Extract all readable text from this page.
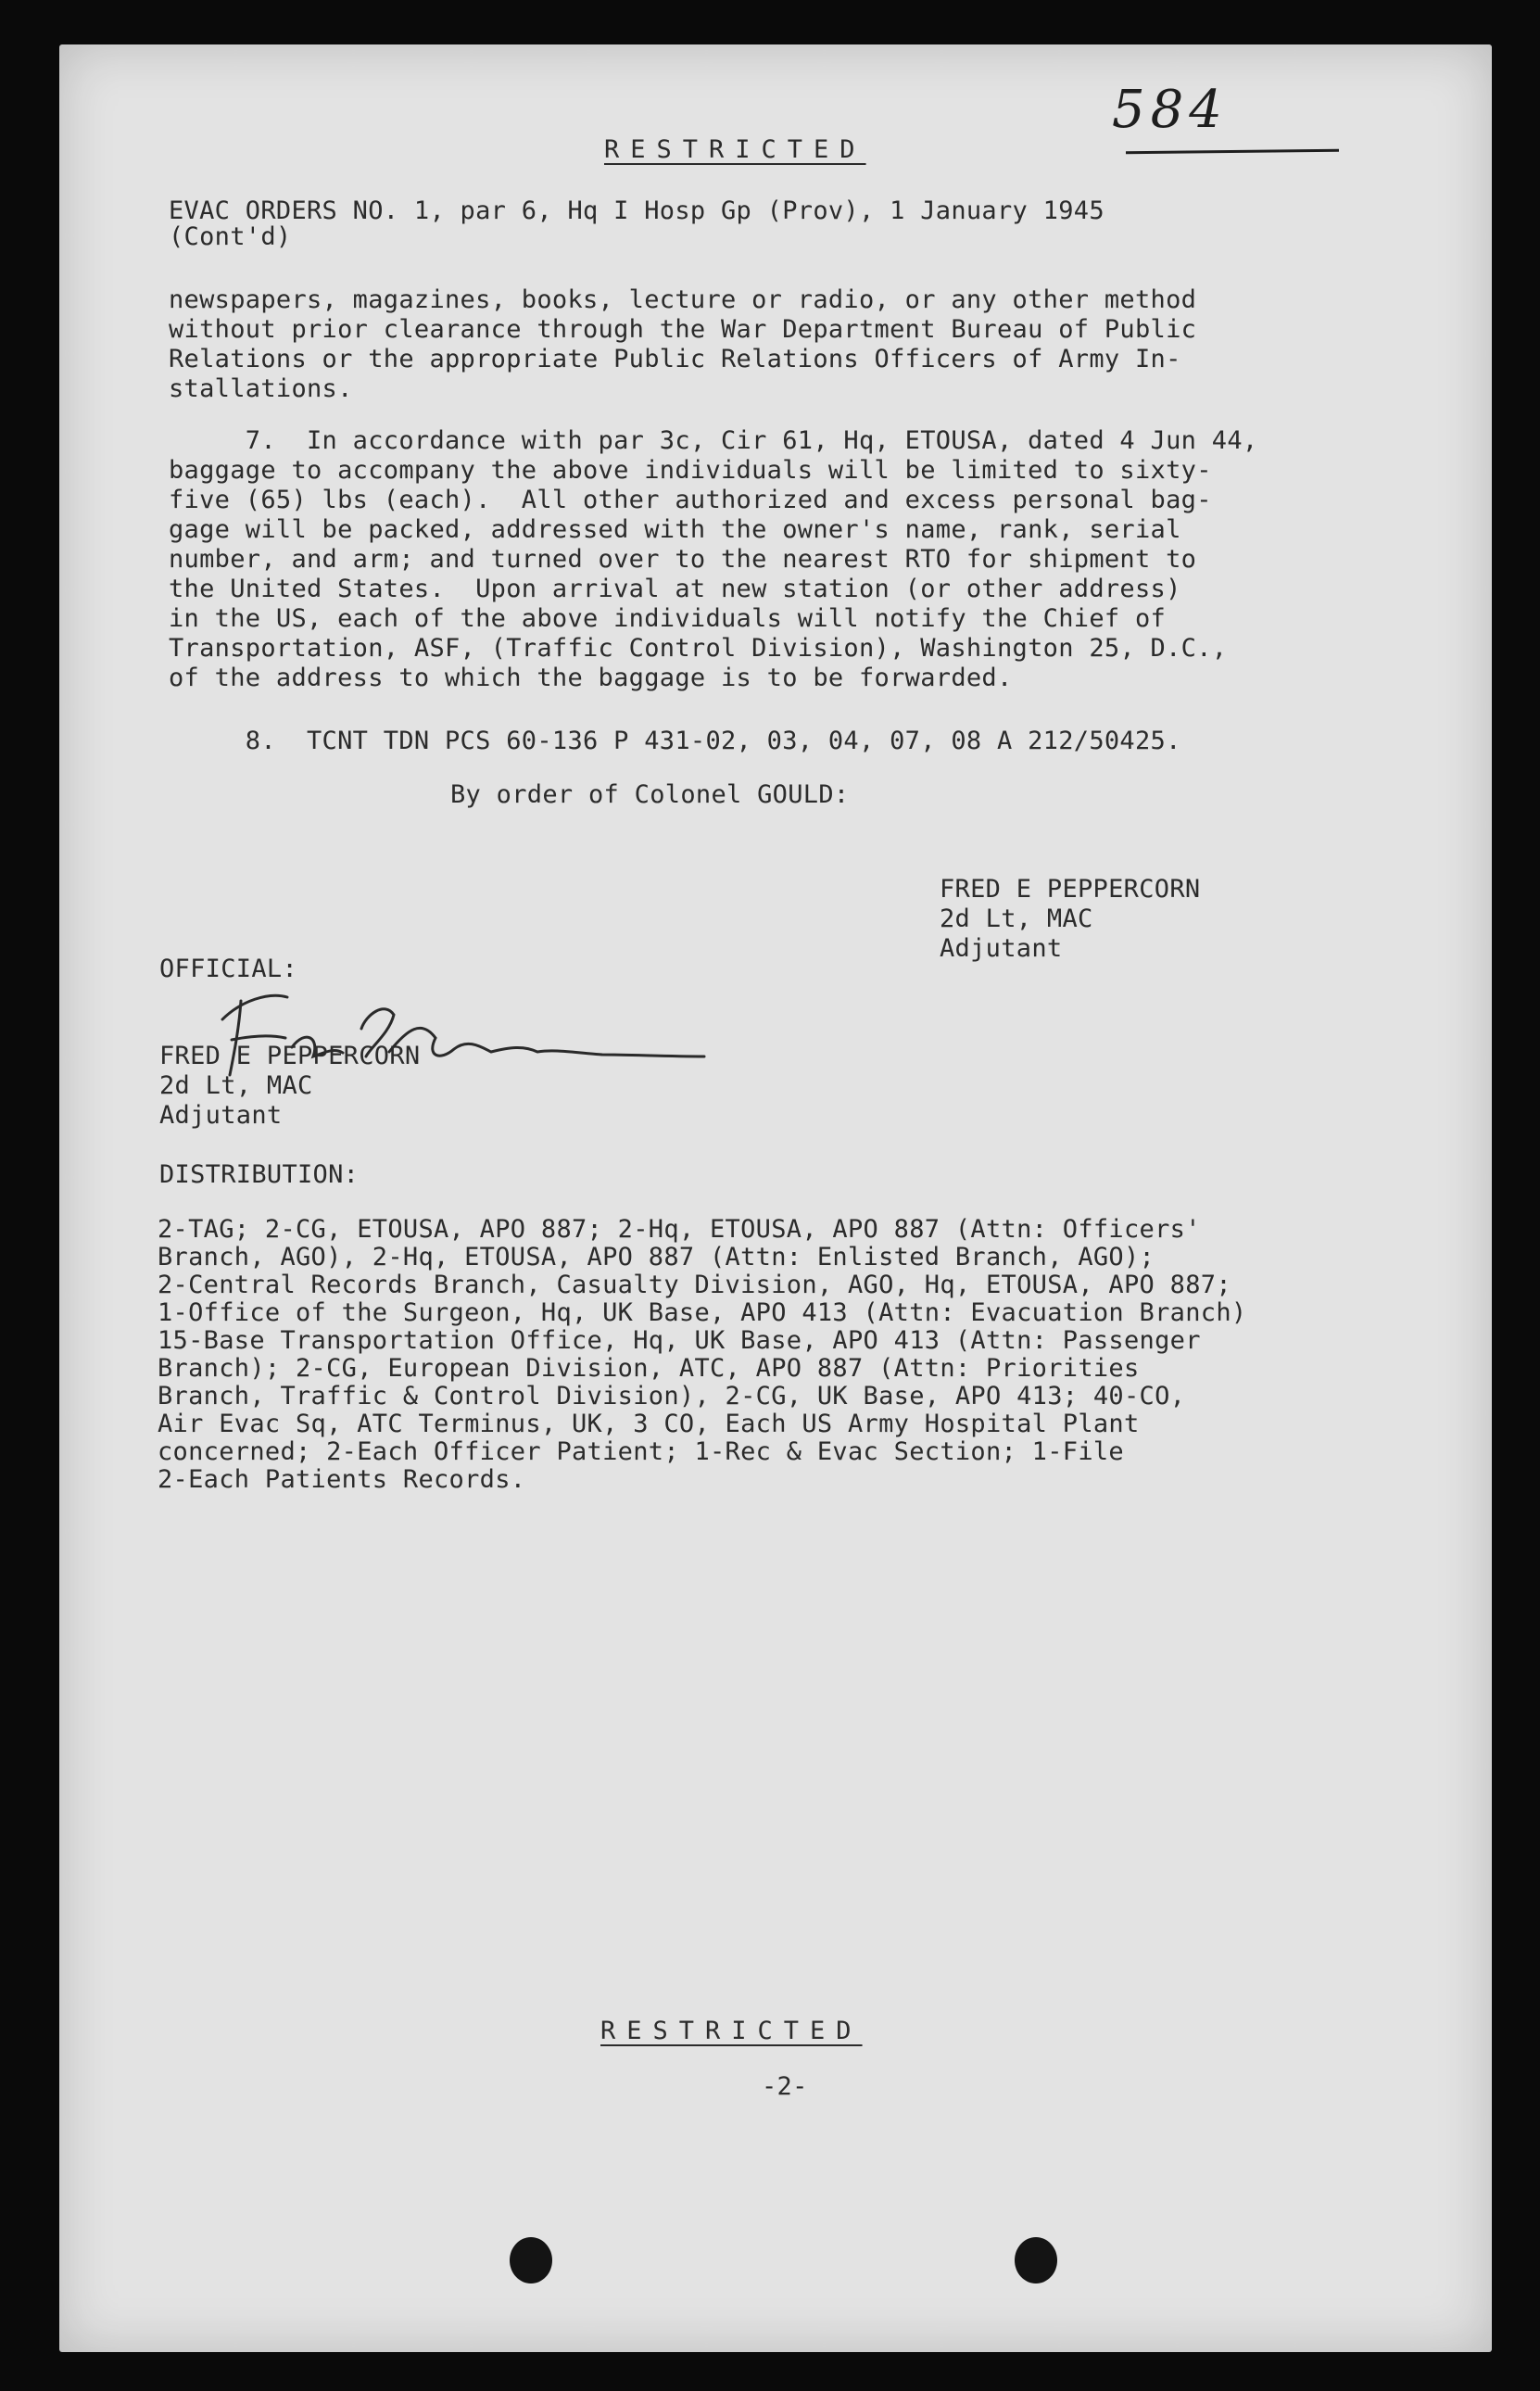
584
RESTRICTED
EVAC ORDERS NO. 1, par 6, Hq I Hosp Gp (Prov), 1 January 1945
(Cont'd)
newspapers, magazines, books, lecture or radio, or any other method
without prior clearance through the War Department Bureau of Public
Relations or the appropriate Public Relations Officers of Army In-
stallations.
7.  In accordance with par 3c, Cir 61, Hq, ETOUSA, dated 4 Jun 44,
baggage to accompany the above individuals will be limited to sixty-
five (65) lbs (each).  All other authorized and excess personal bag-
gage will be packed, addressed with the owner's name, rank, serial
number, and arm; and turned over to the nearest RTO for shipment to
the United States.  Upon arrival at new station (or other address)
in the US, each of the above individuals will notify the Chief of
Transportation, ASF, (Traffic Control Division), Washington 25, D.C.,
of the address to which the baggage is to be forwarded.
8.  TCNT TDN PCS 60-136 P 431-02, 03, 04, 07, 08 A 212/50425.
By order of Colonel GOULD:
FRED E PEPPERCORN
2d Lt, MAC
Adjutant
OFFICIAL:
FRED E PEPPERCORN
2d Lt, MAC
Adjutant
DISTRIBUTION:
2-TAG; 2-CG, ETOUSA, APO 887; 2-Hq, ETOUSA, APO 887 (Attn: Officers'
Branch, AGO), 2-Hq, ETOUSA, APO 887 (Attn: Enlisted Branch, AGO);
2-Central Records Branch, Casualty Division, AGO, Hq, ETOUSA, APO 887;
1-Office of the Surgeon, Hq, UK Base, APO 413 (Attn: Evacuation Branch)
15-Base Transportation Office, Hq, UK Base, APO 413 (Attn: Passenger
Branch); 2-CG, European Division, ATC, APO 887 (Attn: Priorities
Branch, Traffic & Control Division), 2-CG, UK Base, APO 413; 40-CO,
Air Evac Sq, ATC Terminus, UK, 3 CO, Each US Army Hospital Plant
concerned; 2-Each Officer Patient; 1-Rec & Evac Section; 1-File
2-Each Patients Records.
RESTRICTED
-2-
